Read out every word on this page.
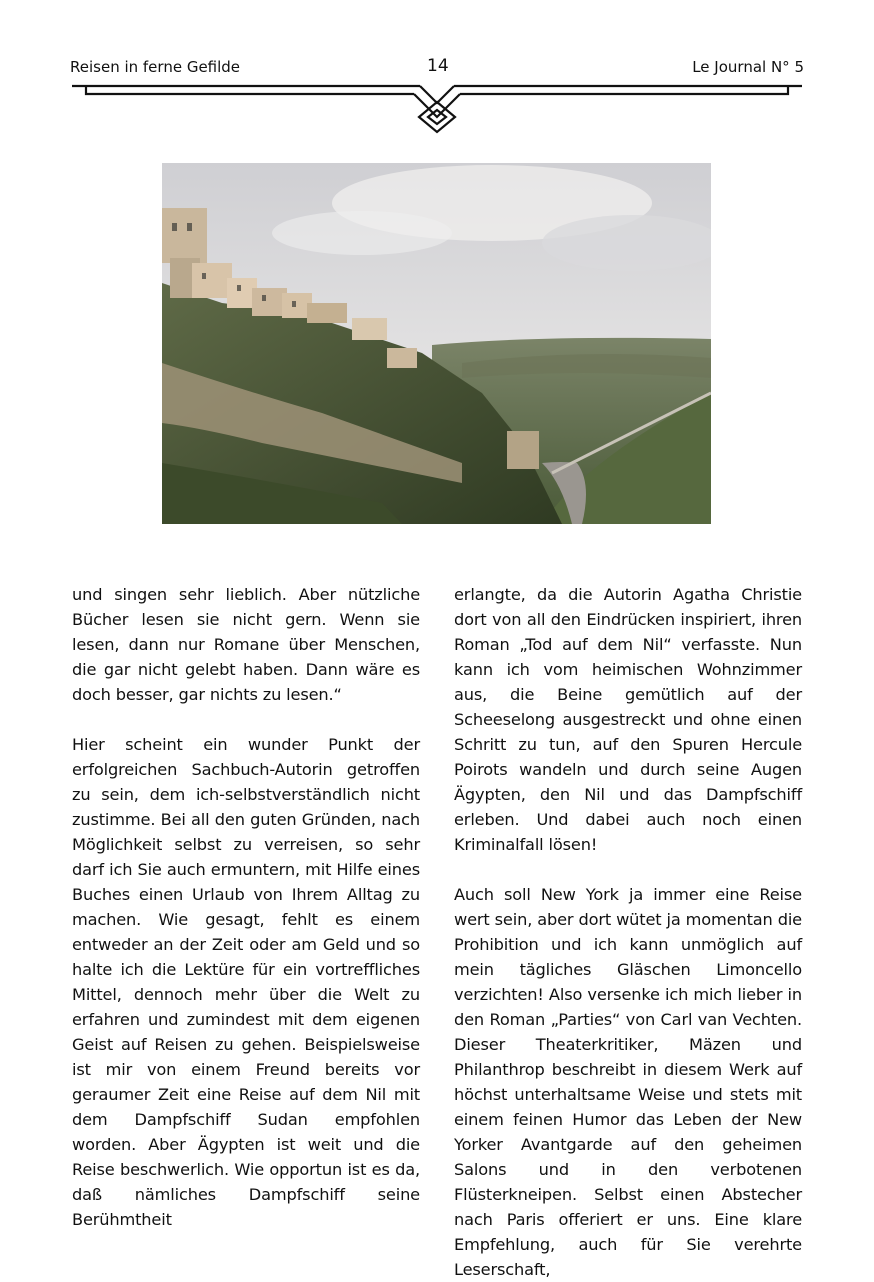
Reisen in ferne Gefilde	14	Le Journal N° 5

und singen sehr lieblich. Aber nützliche Bücher lesen sie nicht gern. Wenn sie lesen, dann nur Romane über Menschen, die gar nicht gelebt haben. Dann wäre es doch besser, gar nichts zu lesen.“

Hier scheint ein wunder Punkt der erfolgreichen Sachbuch-Autorin getroffen zu sein, dem ich-selbstverständlich nicht zustimme. Bei all den guten Gründen, nach Möglichkeit selbst zu verreisen, so sehr darf ich Sie auch ermuntern, mit Hilfe eines Buches einen Urlaub von Ihrem Alltag zu machen. Wie gesagt, fehlt es einem entweder an der Zeit oder am Geld und so halte ich die Lektüre für ein vortreffliches Mittel, dennoch mehr über die Welt zu erfahren und zumindest mit dem eigenen Geist auf Reisen zu gehen. Beispielsweise ist mir von einem Freund bereits vor geraumer Zeit eine Reise auf dem Nil mit dem Dampfschiff Sudan empfohlen worden. Aber Ägypten ist weit und die Reise beschwerlich. Wie opportun ist es da, daß nämliches Dampfschiff seine Berühmtheit

erlangte, da die Autorin Agatha Christie dort von all den Eindrücken inspiriert, ihren Roman „Tod auf dem Nil“ verfasste. Nun kann ich vom heimischen Wohnzimmer aus, die Beine gemütlich auf der Scheeselong ausgestreckt und ohne einen Schritt zu tun, auf den Spuren Hercule Poirots wandeln und durch seine Augen Ägypten, den Nil und das Dampfschiff erleben. Und dabei auch noch einen Kriminalfall lösen!

Auch soll New York ja immer eine Reise wert sein, aber dort wütet ja momentan die Prohibition und ich kann unmöglich auf mein tägliches Gläschen Limoncello verzichten! Also versenke ich mich lieber in den Roman „Parties“ von Carl van Vechten. Dieser Theaterkritiker, Mäzen und Philanthrop beschreibt in diesem Werk auf höchst unterhaltsame Weise und stets mit einem feinen Humor das Leben der New Yorker Avantgarde auf den geheimen Salons und in den verbotenen Flüsterkneipen. Selbst einen Abstecher nach Paris offeriert er uns. Eine klare Empfehlung, auch für Sie verehrte Leserschaft,
